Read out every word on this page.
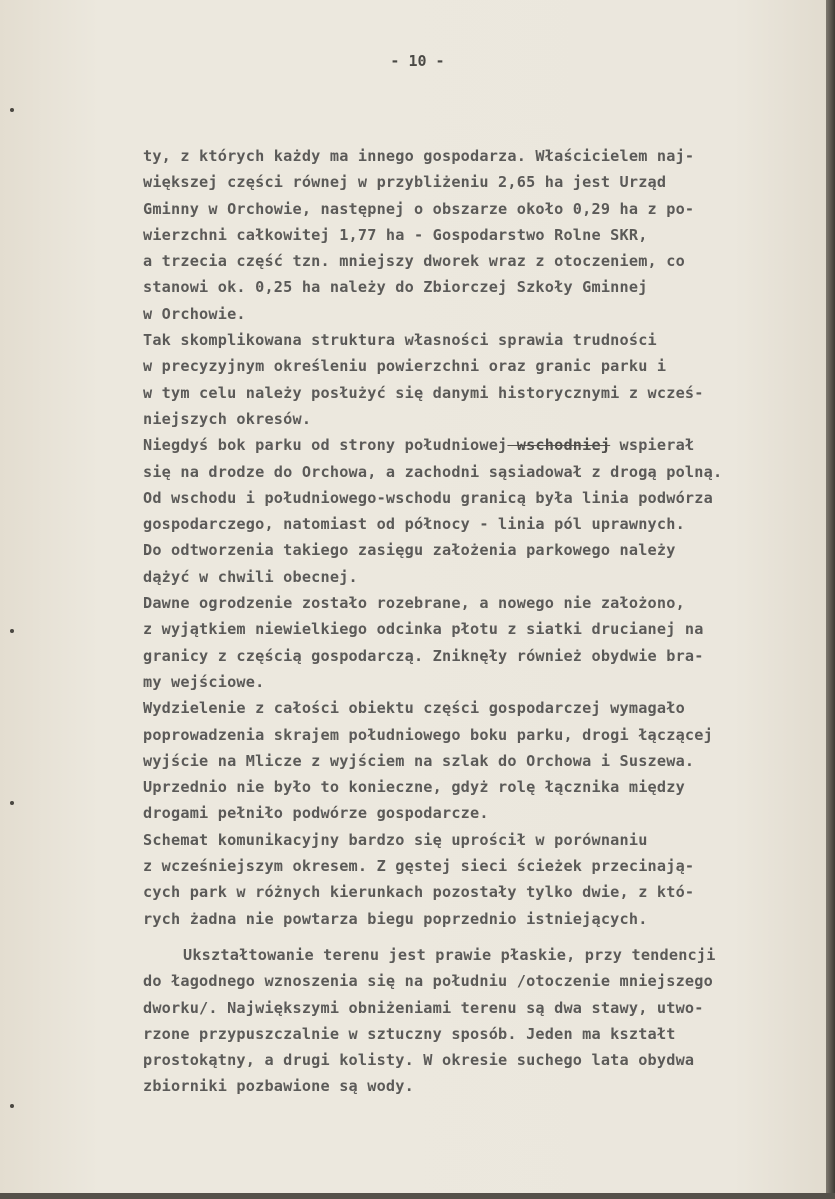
- 10 -
ty, z których każdy ma innego gospodarza. Właścicielem naj-
większej części równej w przybliżeniu 2,65 ha jest Urząd
Gminny w Orchowie, następnej o obszarze około 0,29 ha z po-
wierzchni całkowitej 1,77 ha - Gospodarstwo Rolne SKR,
a trzecia część tzn. mniejszy dworek wraz z otoczeniem, co
stanowi ok. 0,25 ha należy do Zbiorczej Szkoły Gminnej
w Orchowie.
Tak skomplikowana struktura własności sprawia trudności
w precyzyjnym określeniu powierzchni oraz granic parku i
w tym celu należy posłużyć się danymi historycznymi z wcześ-
niejszych okresów.
Niegdyś bok parku od strony południowej wschodniej wspierał
się na drodze do Orchowa, a zachodni sąsiadował z drogą polną.
Od wschodu i południowego-wschodu granicą była linia podwórza
gospodarczego, natomiast od północy - linia pól uprawnych.
Do odtworzenia takiego zasięgu założenia parkowego należy
dążyć w chwili obecnej.
Dawne ogrodzenie zostało rozebrane, a nowego nie założono,
z wyjątkiem niewielkiego odcinka płotu z siatki drucianej na
granicy z częścią gospodarczą. Zniknęły również obydwie bra-
my wejściowe.
Wydzielenie z całości obiektu części gospodarczej wymagało
poprowadzenia skrajem południowego boku parku, drogi łączącej
wyjście na Mlicze z wyjściem na szlak do Orchowa i Suszewa.
Uprzednio nie było to konieczne, gdyż rolę łącznika między
drogami pełniło podwórze gospodarcze.
Schemat komunikacyjny bardzo się uprościł w porównaniu
z wcześniejszym okresem. Z gęstej sieci ścieżek przecinają-
cych park w różnych kierunkach pozostały tylko dwie, z któ-
rych żadna nie powtarza biegu poprzednio istniejących.
Ukształtowanie terenu jest prawie płaskie, przy tendencji
do łagodnego wznoszenia się na południu /otoczenie mniejszego
dworku/. Największymi obniżeniami terenu są dwa stawy, utwo-
rzone przypuszczalnie w sztuczny sposób. Jeden ma kształt
prostokątny, a drugi kolisty. W okresie suchego lata obydwa
zbiorniki pozbawione są wody.
